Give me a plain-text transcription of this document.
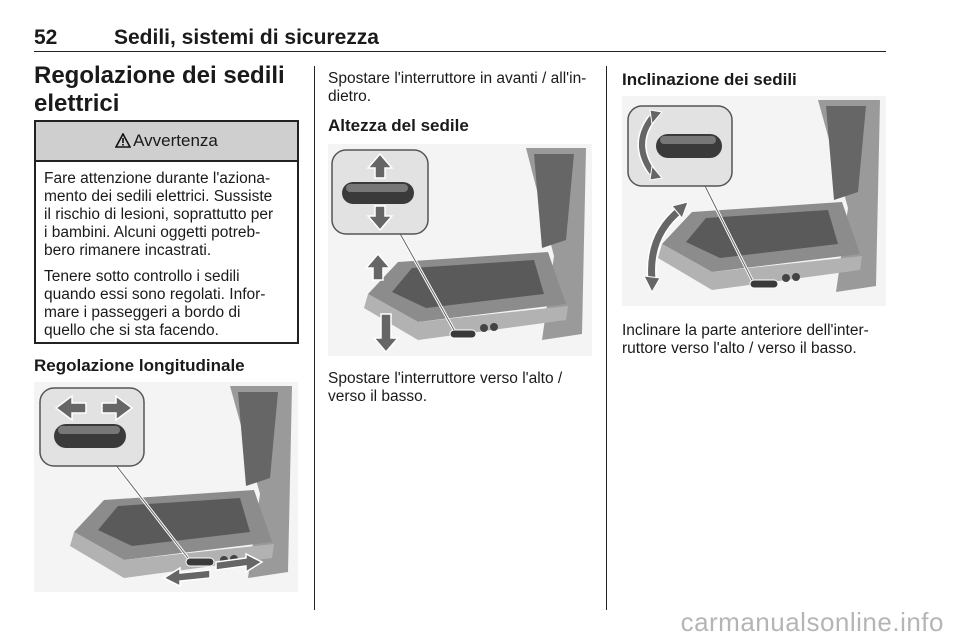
52	Sedili, sistemi di sicurezza
Regolazione dei sedili
elettrici
Avvertenza

Fare attenzione durante l'aziona-
mento dei sedili elettrici. Sussiste
il rischio di lesioni, soprattutto per
i bambini. Alcuni oggetti potreb-
bero rimanere incastrati.

Tenere sotto controllo i sedili
quando essi sono regolati. Infor-
mare i passeggeri a bordo di
quello che si sta facendo.

Regolazione longitudinale
Spostare l'interruttore in avanti / all'in-
dietro.
Altezza del sedile
Spostare l'interruttore verso l'alto /
verso il basso.
Inclinazione dei sedili
Inclinare la parte anteriore dell'inter-
ruttore verso l'alto / verso il basso.
carmanualsonline.info
